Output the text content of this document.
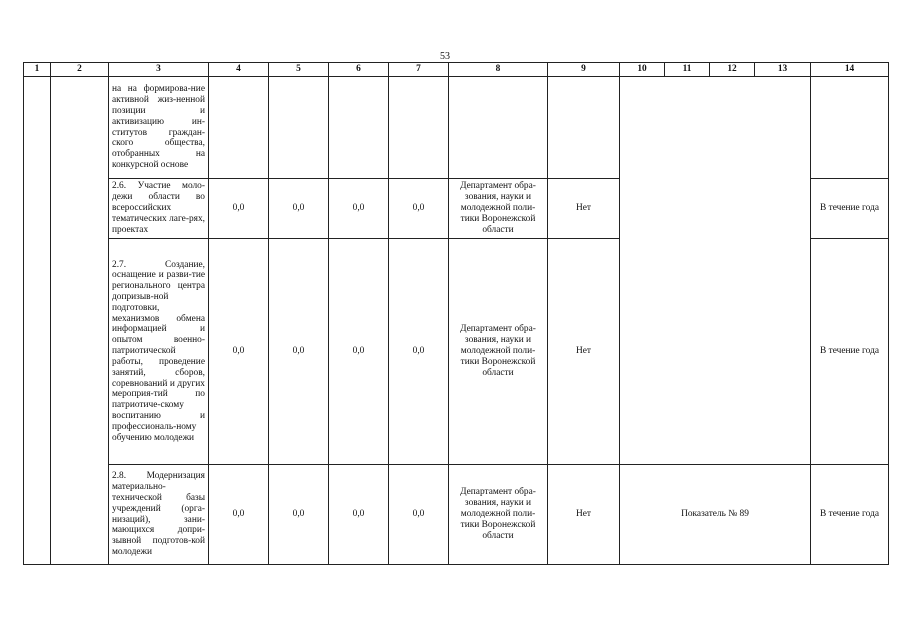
53
1	2	3	4	5	6	7	8	9	10	11	12	13	14
		на на формирова-ние активной жиз-ненной позиции и активизацию ин-ститутов граждан-ского общества, отобранных на конкурсной основе											
		2.6. Участие моло-дежи области во всероссийских тематических лаге-рях, проектах	0,0	0,0	0,0	0,0	Департамент обра-зования, науки и молодежной поли-тики Воронежской области	Нет					В течение года
		2.7. Создание, оснащение и разви-тие регионального центра допризыв-ной подготовки, механизмов обмена информацией и опытом военно-патриотической работы, проведение занятий, сборов, соревнований и других мероприя-тий по патриотиче-скому воспитанию и профессиональ-ному обучению молодежи	0,0	0,0	0,0	0,0	Департамент обра-зования, науки и молодежной поли-тики Воронежской области	Нет					В течение года
		2.8. Модернизация материально-технической базы учреждений (орга-низаций), зани-мающихся допри-зывной подготов-кой молодежи	0,0	0,0	0,0	0,0	Департамент обра-зования, науки и молодежной поли-тики Воронежской области	Нет	Показатель № 89				В течение года
